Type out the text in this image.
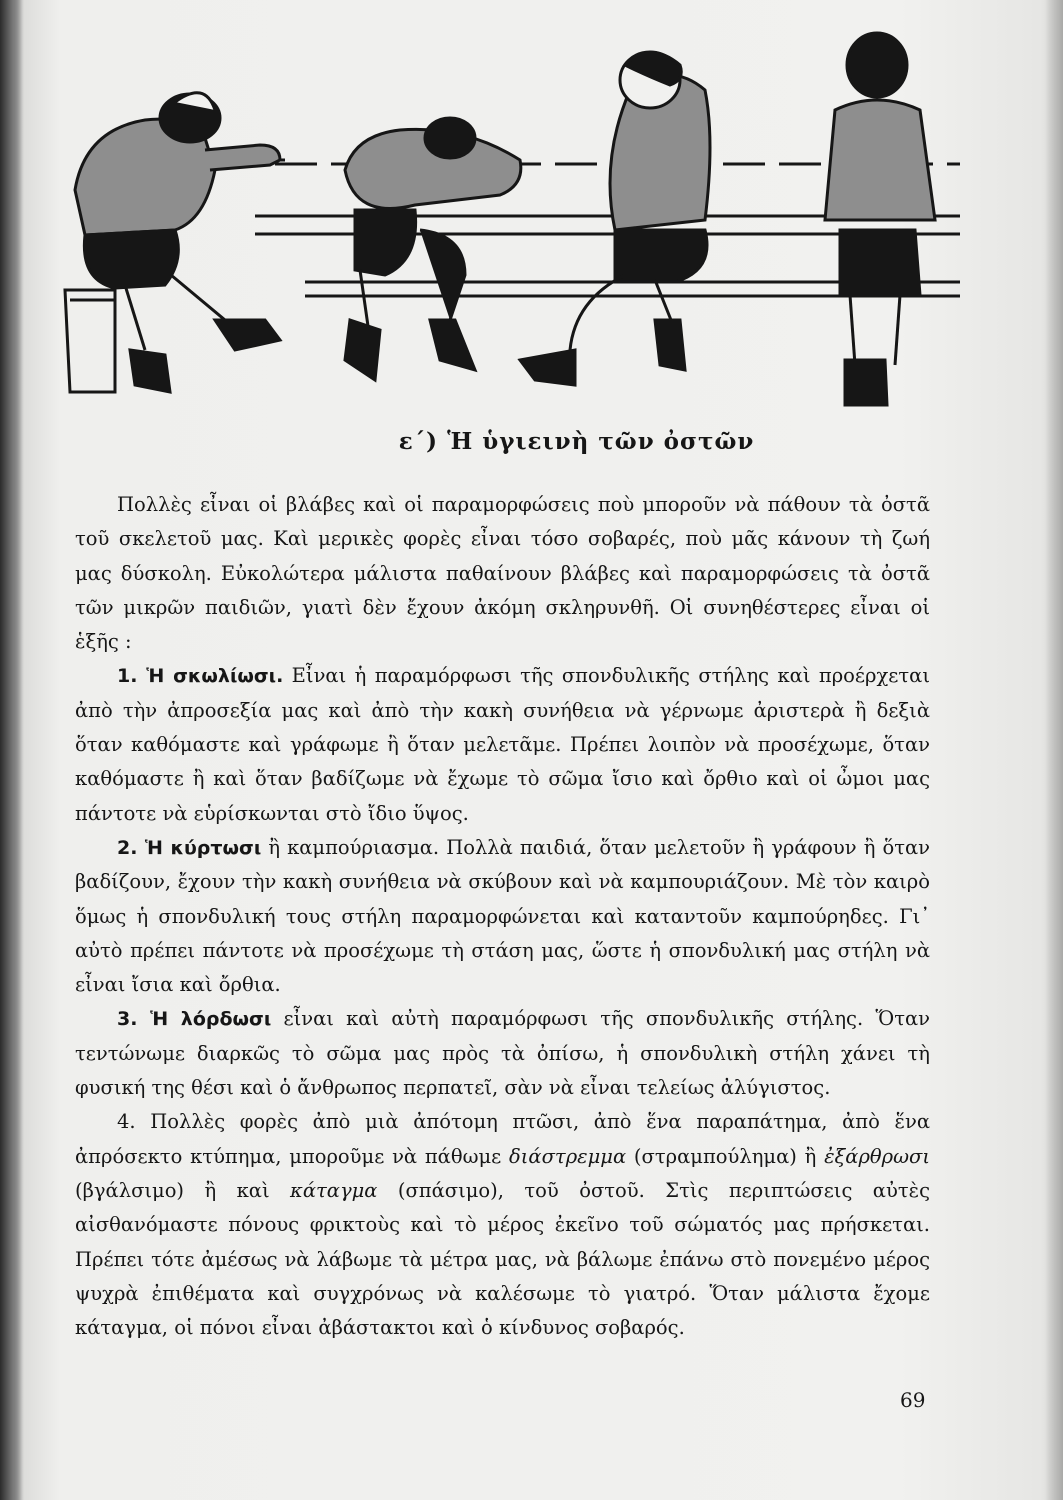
ε΄) Ἡ ὑγιεινὴ τῶν ὀστῶν

Πολλὲς εἶναι οἱ βλάβες καὶ οἱ παραμορφώσεις ποὺ μποροῦν νὰ πάθουν τὰ ὀστᾶ τοῦ σκελετοῦ μας. Καὶ μερικὲς φορὲς εἶναι τόσο σοβαρές, ποὺ μᾶς κάνουν τὴ ζωή μας δύσκολη. Εὐκολώτερα μάλιστα παθαίνουν βλάβες καὶ παραμορφώσεις τὰ ὀστᾶ τῶν μικρῶν παιδιῶν, γιατὶ δὲν ἔχουν ἀκόμη σκληρυνθῆ. Οἱ συνηθέστερες εἶναι οἱ ἑξῆς :

1. Ἡ σκωλίωσι. Εἶναι ἡ παραμόρφωσι τῆς σπονδυλικῆς στήλης καὶ προέρχεται ἀπὸ τὴν ἀπροσεξία μας καὶ ἀπὸ τὴν κακὴ συνήθεια νὰ γέρνωμε ἀριστερὰ ἢ δεξιὰ ὅταν καθόμαστε καὶ γράφωμε ἢ ὅταν μελετᾶμε. Πρέπει λοιπὸν νὰ προσέχωμε, ὅταν καθόμαστε ἢ καὶ ὅταν βαδίζωμε νὰ ἔχωμε τὸ σῶμα ἴσιο καὶ ὄρθιο καὶ οἱ ὦμοι μας πάντοτε νὰ εὑρίσκωνται στὸ ἴδιο ὕψος.

2. Ἡ κύρτωσι ἢ καμπούριασμα. Πολλὰ παιδιά, ὅταν μελετοῦν ἢ γράφουν ἢ ὅταν βαδίζουν, ἔχουν τὴν κακὴ συνήθεια νὰ σκύβουν καὶ νὰ καμπουριάζουν. Μὲ τὸν καιρὸ ὅμως ἡ σπονδυλική τους στήλη παραμορφώνεται καὶ καταντοῦν καμπούρηδες. Γι᾿ αὐτὸ πρέπει πάντοτε νὰ προσέχωμε τὴ στάση μας, ὥστε ἡ σπονδυλική μας στήλη νὰ εἶναι ἴσια καὶ ὄρθια.

3. Ἡ λόρδωσι εἶναι καὶ αὐτὴ παραμόρφωσι τῆς σπονδυλικῆς στήλης. Ὅταν τεντώνωμε διαρκῶς τὸ σῶμα μας πρὸς τὰ ὀπίσω, ἡ σπονδυλικὴ στήλη χάνει τὴ φυσική της θέσι καὶ ὁ ἄνθρωπος περπατεῖ, σὰν νὰ εἶναι τελείως ἀλύγιστος.

4. Πολλὲς φορὲς ἀπὸ μιὰ ἀπότομη πτῶσι, ἀπὸ ἕνα παραπάτημα, ἀπὸ ἕνα ἀπρόσεκτο κτύπημα, μποροῦμε νὰ πάθωμε διάστρεμμα (στραμπούλημα) ἢ ἐξάρθρωσι (βγάλσιμο) ἢ καὶ κάταγμα (σπάσιμο), τοῦ ὀστοῦ. Στὶς περιπτώσεις αὐτὲς αἰσθανόμαστε πόνους φρικτοὺς καὶ τὸ μέρος ἐκεῖνο τοῦ σώματός μας πρήσκεται. Πρέπει τότε ἀμέσως νὰ λάβωμε τὰ μέτρα μας, νὰ βάλωμε ἐπάνω στὸ πονεμένο μέρος ψυχρὰ ἐπιθέματα καὶ συγχρόνως νὰ καλέσωμε τὸ γιατρό. Ὅταν μάλιστα ἔχομε κάταγμα, οἱ πόνοι εἶναι ἀβάστακτοι καὶ ὁ κίνδυνος σοβαρός.

69
